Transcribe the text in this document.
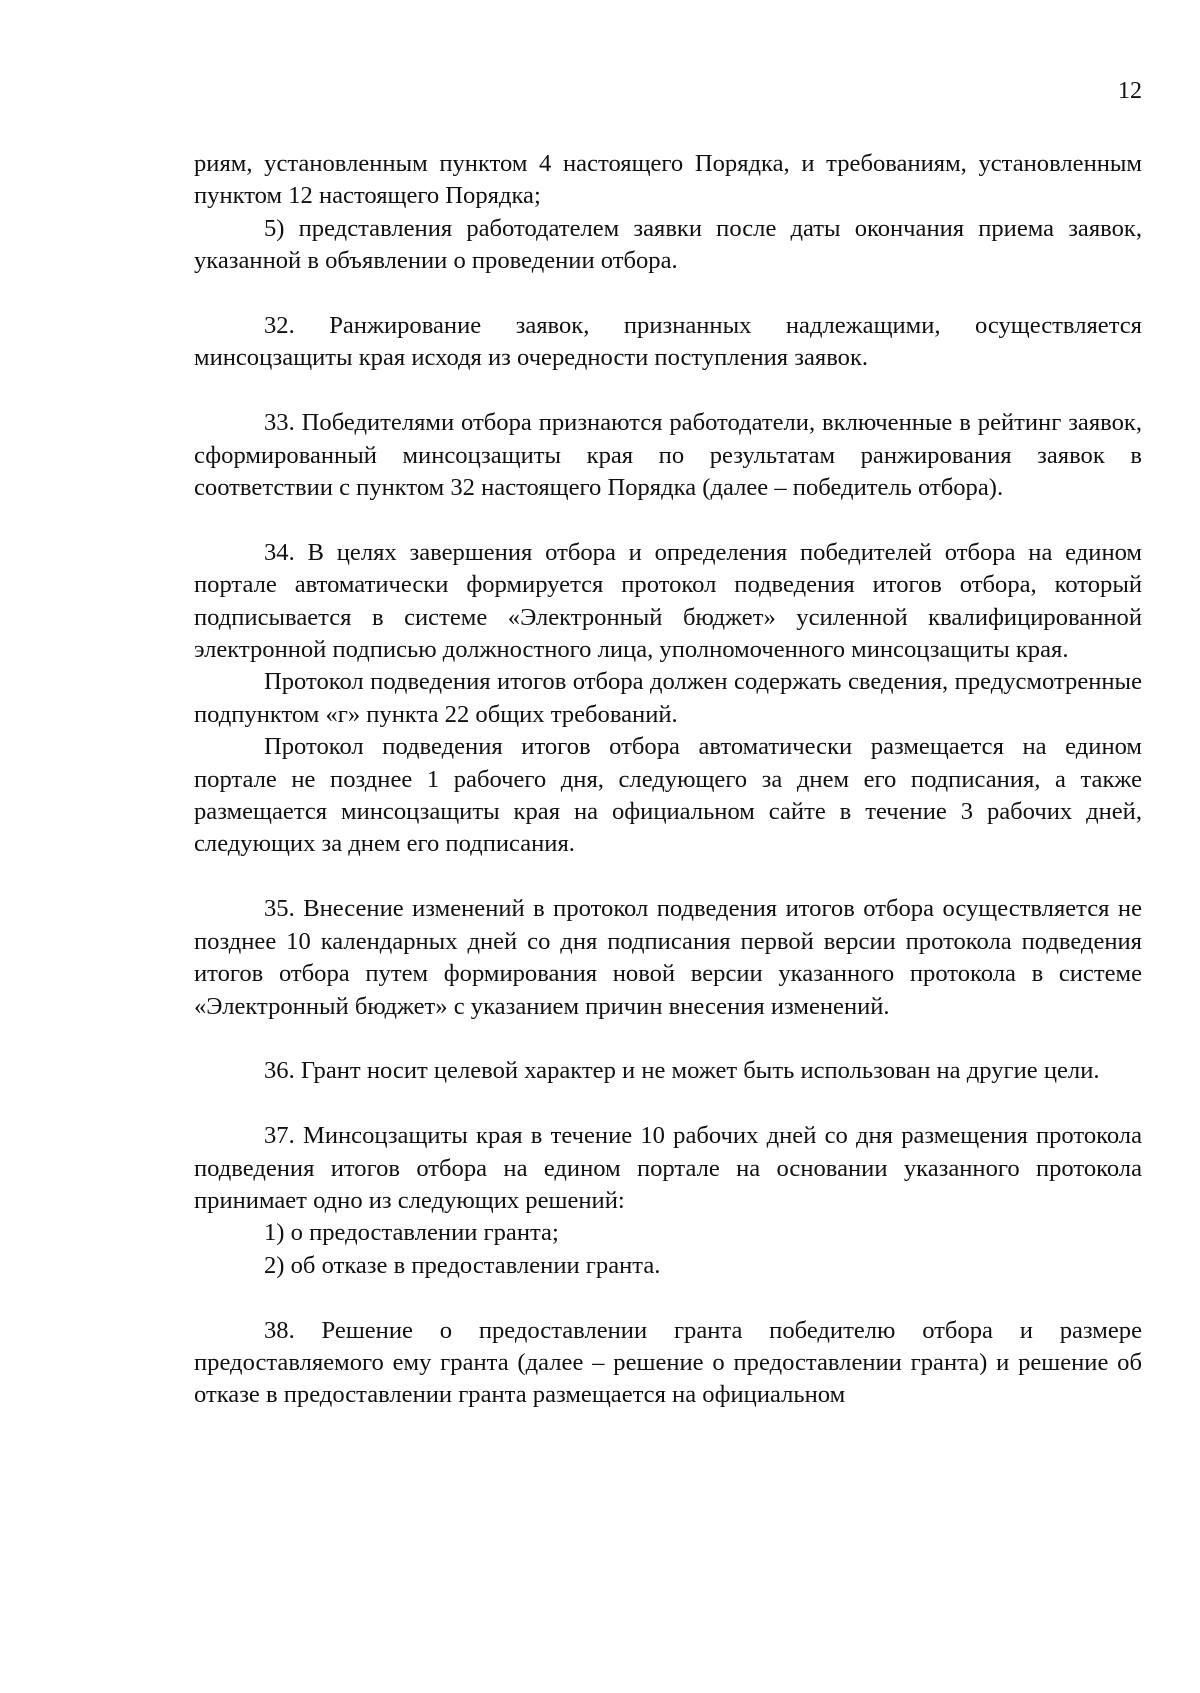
12

риям, установленным пунктом 4 настоящего Порядка, и требованиям, установленным пунктом 12 настоящего Порядка;

5) представления работодателем заявки после даты окончания приема заявок, указанной в объявлении о проведении отбора.

32. Ранжирование заявок, признанных надлежащими, осуществляется минсоцзащиты края исходя из очередности поступления заявок.

33. Победителями отбора признаются работодатели, включенные в рейтинг заявок, сформированный минсоцзащиты края по результатам ранжирования заявок в соответствии с пунктом 32 настоящего Порядка (далее – победитель отбора).

34. В целях завершения отбора и определения победителей отбора на едином портале автоматически формируется протокол подведения итогов отбора, который подписывается в системе «Электронный бюджет» усиленной квалифицированной электронной подписью должностного лица, уполномоченного минсоцзащиты края.

Протокол подведения итогов отбора должен содержать сведения, предусмотренные подпунктом «г» пункта 22 общих требований.

Протокол подведения итогов отбора автоматически размещается на едином портале не позднее 1 рабочего дня, следующего за днем его подписания, а также размещается минсоцзащиты края на официальном сайте в течение 3 рабочих дней, следующих за днем его подписания.

35. Внесение изменений в протокол подведения итогов отбора осуществляется не позднее 10 календарных дней со дня подписания первой версии протокола подведения итогов отбора путем формирования новой версии указанного протокола в системе «Электронный бюджет» с указанием причин внесения изменений.

36. Грант носит целевой характер и не может быть использован на другие цели.

37. Минсоцзащиты края в течение 10 рабочих дней со дня размещения протокола подведения итогов отбора на едином портале на основании указанного протокола принимает одно из следующих решений:

1) о предоставлении гранта;

2) об отказе в предоставлении гранта.

38. Решение о предоставлении гранта победителю отбора и размере предоставляемого ему гранта (далее – решение о предоставлении гранта) и решение об отказе в предоставлении гранта размещается на официальном
